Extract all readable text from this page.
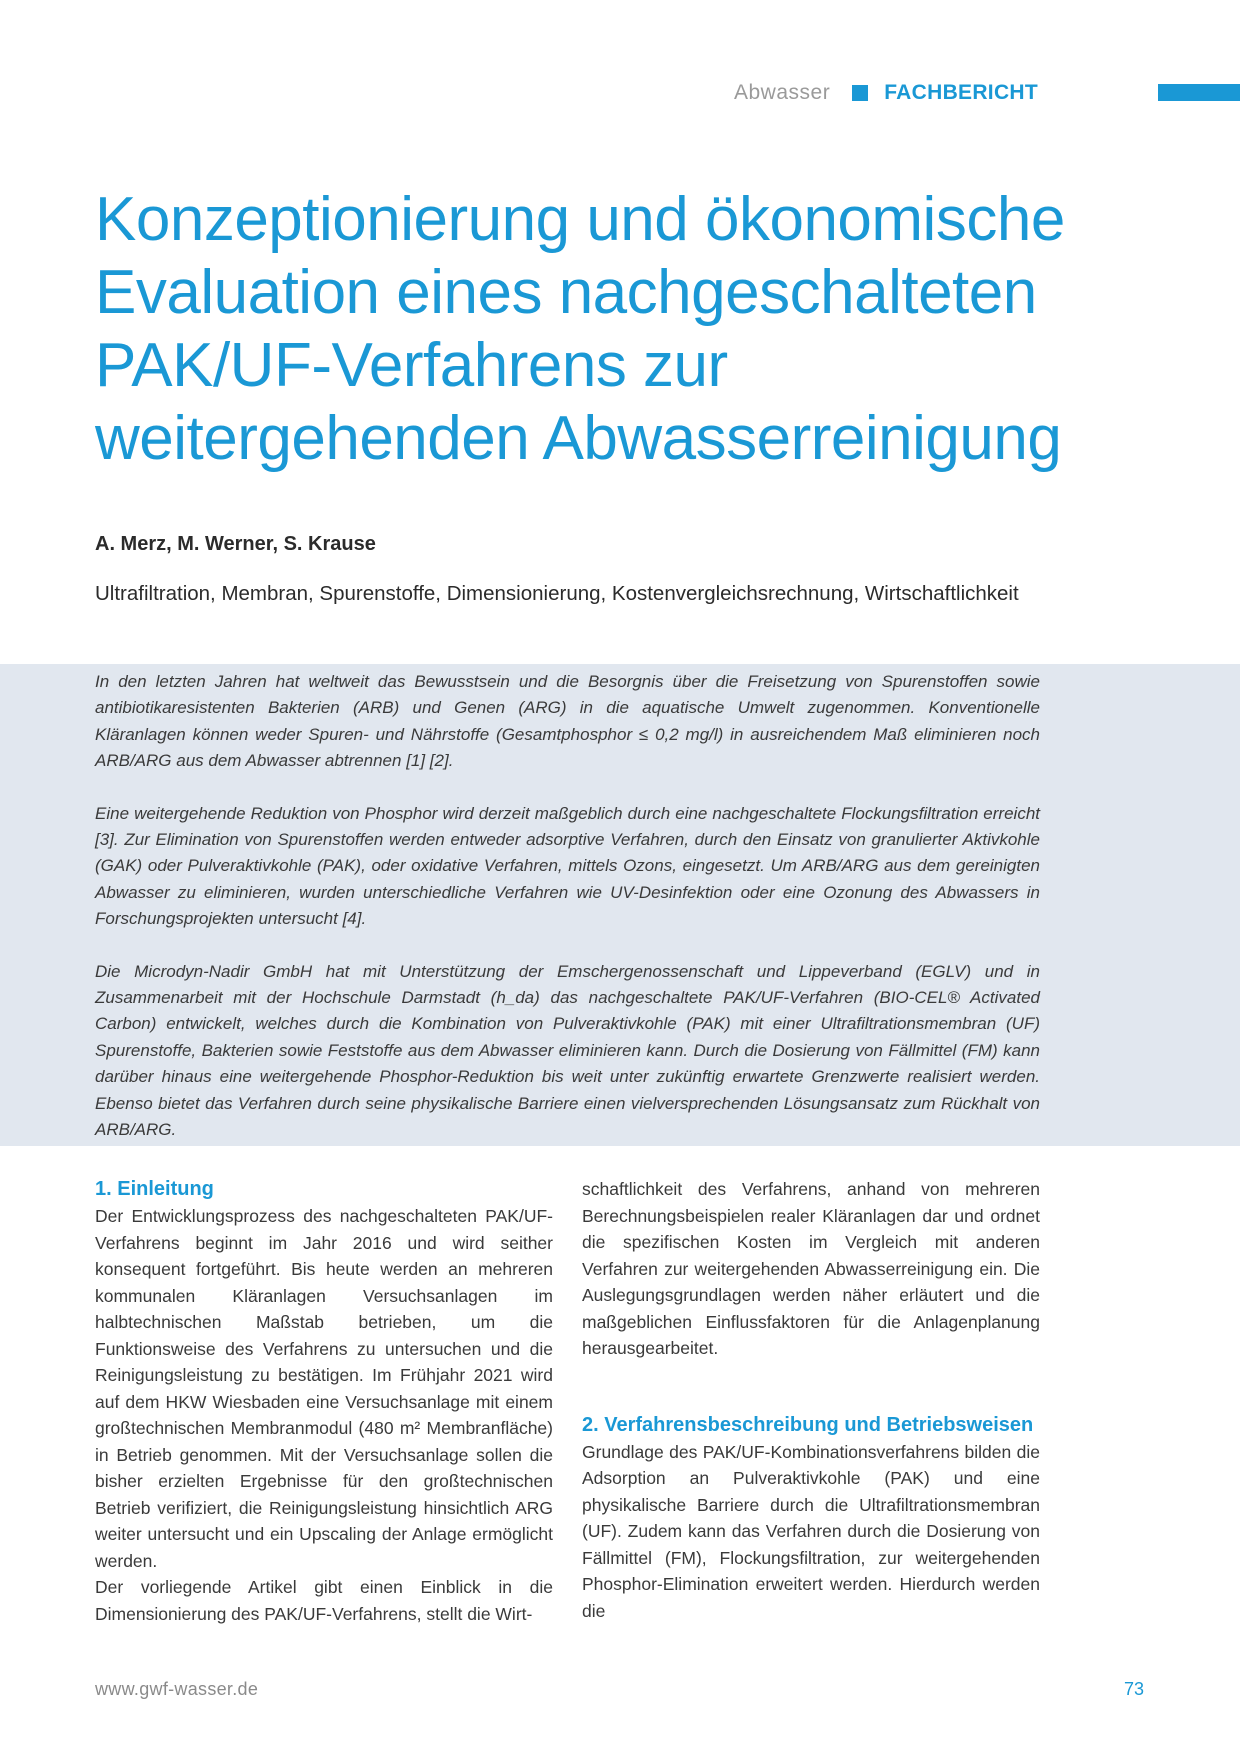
Abwasser	FACHBERICHT
Konzeptionierung und ökonomische Evaluation eines nachgeschalteten PAK/UF-Verfahrens zur weitergehenden Abwasserreinigung
A. Merz, M. Werner, S. Krause
Ultrafiltration, Membran, Spurenstoffe, Dimensionierung, Kostenvergleichsrechnung, Wirtschaftlichkeit

In den letzten Jahren hat weltweit das Bewusstsein und die Besorgnis über die Freisetzung von Spurenstoffen sowie antibiotikaresistenten Bakterien (ARB) und Genen (ARG) in die aquatische Umwelt zugenommen. Konventionelle Kläranlagen können weder Spuren- und Nährstoffe (Gesamtphosphor ≤ 0,2 mg/l) in ausreichendem Maß eliminieren noch ARB/ARG aus dem Abwasser abtrennen [1] [2].

Eine weitergehende Reduktion von Phosphor wird derzeit maßgeblich durch eine nachgeschaltete Flockungsfiltration erreicht [3]. Zur Elimination von Spurenstoffen werden entweder adsorptive Verfahren, durch den Einsatz von granulierter Aktivkohle (GAK) oder Pulveraktivkohle (PAK), oder oxidative Verfahren, mittels Ozons, eingesetzt. Um ARB/ARG aus dem gereinigten Abwasser zu eliminieren, wurden unterschiedliche Verfahren wie UV-Desinfektion oder eine Ozonung des Abwassers in Forschungsprojekten untersucht [4].

Die Microdyn-Nadir GmbH hat mit Unterstützung der Emschergenossenschaft und Lippeverband (EGLV) und in Zusammenarbeit mit der Hochschule Darmstadt (h_da) das nachgeschaltete PAK/UF-Verfahren (BIO-CEL® Activated Carbon) entwickelt, welches durch die Kombination von Pulveraktivkohle (PAK) mit einer Ultrafiltrationsmembran (UF) Spurenstoffe, Bakterien sowie Feststoffe aus dem Abwasser eliminieren kann. Durch die Dosierung von Fällmittel (FM) kann darüber hinaus eine weitergehende Phosphor-Reduktion bis weit unter zukünftig erwartete Grenzwerte realisiert werden. Ebenso bietet das Verfahren durch seine physikalische Barriere einen vielversprechenden Lösungsansatz zum Rückhalt von ARB/ARG.

1. Einleitung

Der Entwicklungsprozess des nachgeschalteten PAK/UF-Verfahrens beginnt im Jahr 2016 und wird seither konsequent fortgeführt. Bis heute werden an mehreren kommunalen Kläranlagen Versuchsanlagen im halbtechnischen Maßstab betrieben, um die Funktionsweise des Verfahrens zu untersuchen und die Reinigungsleistung zu bestätigen. Im Frühjahr 2021 wird auf dem HKW Wiesbaden eine Versuchsanlage mit einem großtechnischen Membranmodul (480 m² Membranfläche) in Betrieb genommen. Mit der Versuchsanlage sollen die bisher erzielten Ergebnisse für den großtechnischen Betrieb verifiziert, die Reinigungsleistung hinsichtlich ARG weiter untersucht und ein Upscaling der Anlage ermöglicht werden.

Der vorliegende Artikel gibt einen Einblick in die Dimensionierung des PAK/UF-Verfahrens, stellt die Wirt-

schaftlichkeit des Verfahrens, anhand von mehreren Berechnungsbeispielen realer Kläranlagen dar und ordnet die spezifischen Kosten im Vergleich mit anderen Verfahren zur weitergehenden Abwasserreinigung ein. Die Auslegungsgrundlagen werden näher erläutert und die maßgeblichen Einflussfaktoren für die Anlagenplanung herausgearbeitet.

2. Verfahrensbeschreibung und Betriebsweisen

Grundlage des PAK/UF-Kombinationsverfahrens bilden die Adsorption an Pulveraktivkohle (PAK) und eine physikalische Barriere durch die Ultrafiltrationsmembran (UF). Zudem kann das Verfahren durch die Dosierung von Fällmittel (FM), Flockungsfiltration, zur weitergehenden Phosphor-Elimination erweitert werden. Hierdurch werden die

www.gwf-wasser.de	73
